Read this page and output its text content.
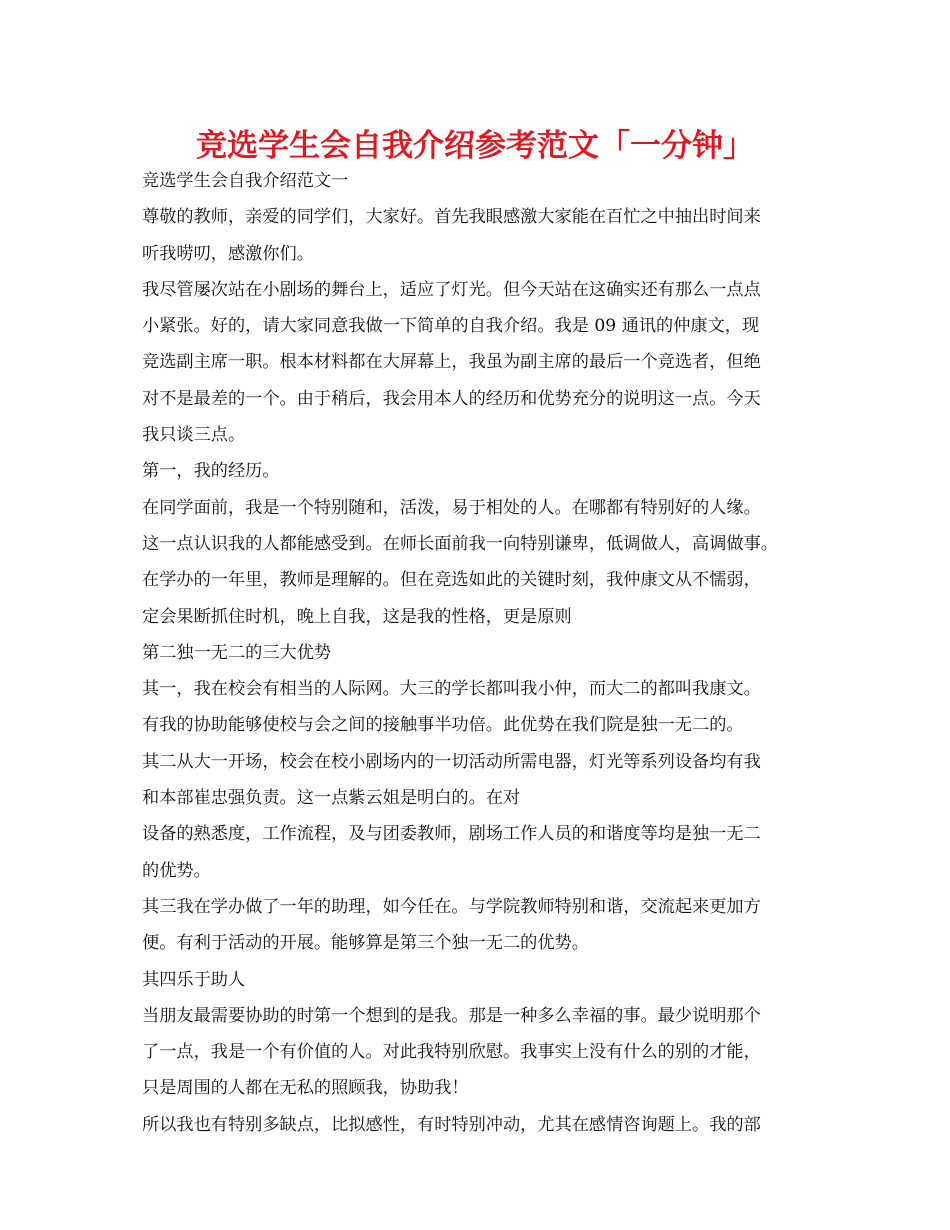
竞选学生会自我介绍参考范文「一分钟」

竞选学生会自我介绍范文一

尊敬的教师，亲爱的同学们，大家好。首先我眼感激大家能在百忙之中抽出时间来

听我唠叨，感激你们。

我尽管屡次站在小剧场的舞台上，适应了灯光。但今天站在这确实还有那么一点点

小紧张。好的，请大家同意我做一下简单的自我介绍。我是 09 通讯的仲康文，现

竞选副主席一职。根本材料都在大屏幕上，我虽为副主席的最后一个竞选者，但绝

对不是最差的一个。由于稍后，我会用本人的经历和优势充分的说明这一点。今天

我只谈三点。

第一，我的经历。

在同学面前，我是一个特别随和，活泼，易于相处的人。在哪都有特别好的人缘。

这一点认识我的人都能感受到。在师长面前我一向特别谦卑，低调做人，高调做事。

在学办的一年里，教师是理解的。但在竞选如此的关键时刻，我仲康文从不懦弱，

定会果断抓住时机，晚上自我，这是我的性格，更是原则

第二独一无二的三大优势

其一，我在校会有相当的人际网。大三的学长都叫我小仲，而大二的都叫我康文。

有我的协助能够使校与会之间的接触事半功倍。此优势在我们院是独一无二的。

其二从大一开场，校会在校小剧场内的一切活动所需电器，灯光等系列设备均有我

和本部崔忠强负责。这一点紫云姐是明白的。在对

设备的熟悉度，工作流程，及与团委教师，剧场工作人员的和谐度等均是独一无二

的优势。

其三我在学办做了一年的助理，如今任在。与学院教师特别和谐，交流起来更加方

便。有利于活动的开展。能够算是第三个独一无二的优势。

其四乐于助人

当朋友最需要协助的时第一个想到的是我。那是一种多么幸福的事。最少说明那个

了一点，我是一个有价值的人。对此我特别欣慰。我事实上没有什么的别的才能，

只是周围的人都在无私的照顾我，协助我！

所以我也有特别多缺点，比拟感性，有时特别冲动，尤其在感情咨询题上。我的部
